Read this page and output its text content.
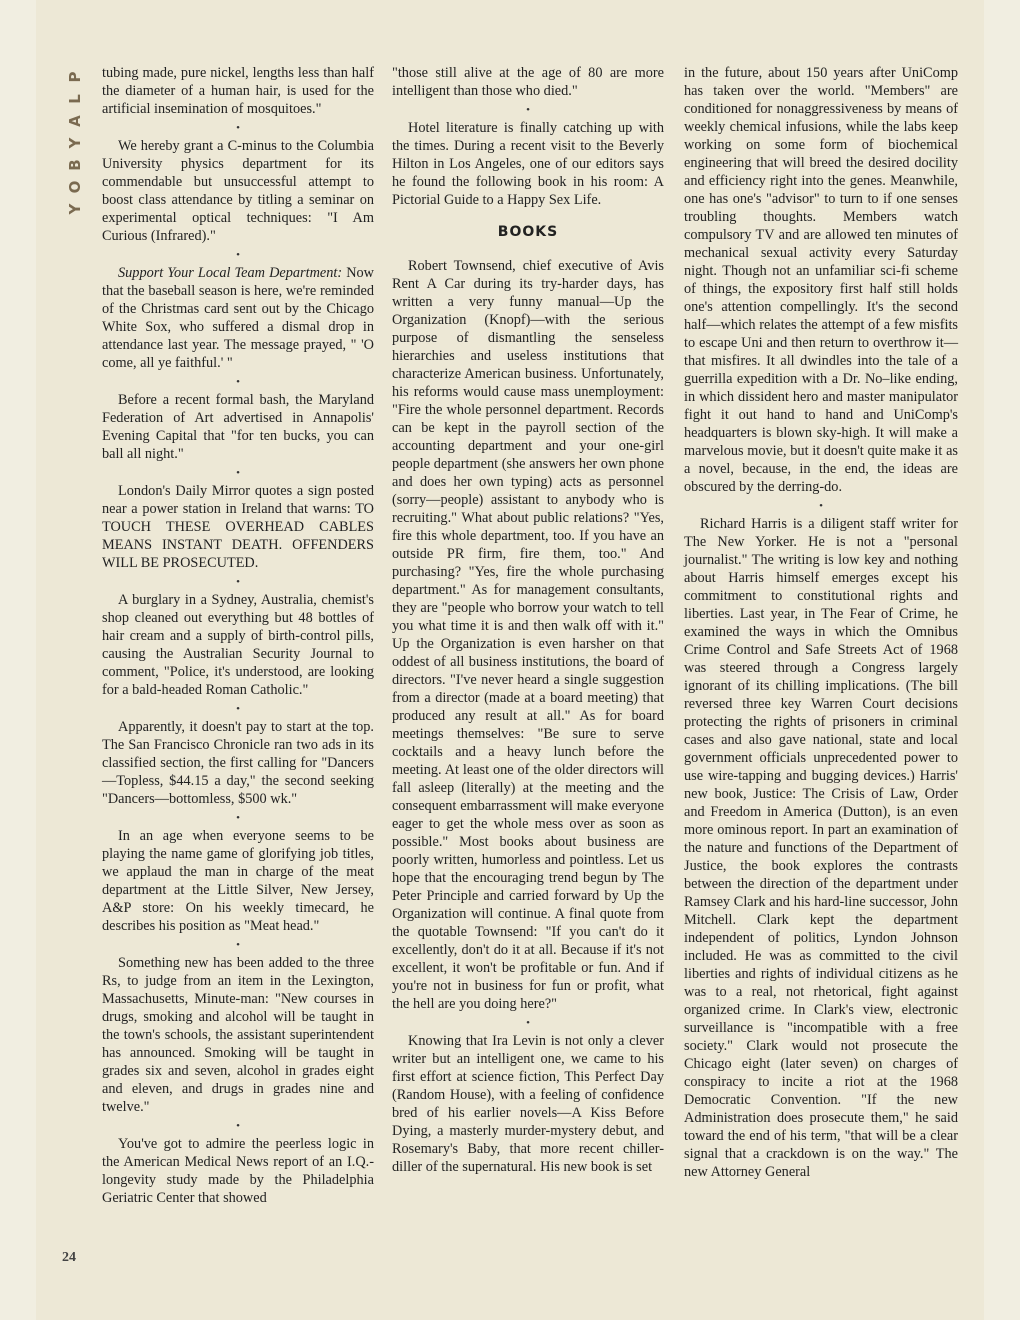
P
L
A
Y
B
O
Y
24

tubing made, pure nickel, lengths less than half the diameter of a human hair, is used for the artificial insemination of mosquitoes."

•

We hereby grant a C-minus to the Columbia University physics department for its commendable but unsuccessful attempt to boost class attendance by titling a seminar on experimental optical techniques: "I Am Curious (Infrared)."

•

Support Your Local Team Department: Now that the baseball season is here, we're reminded of the Christmas card sent out by the Chicago White Sox, who suffered a dismal drop in attendance last year. The message prayed, " 'O come, all ye faithful.' "

•

Before a recent formal bash, the Maryland Federation of Art advertised in Annapolis' Evening Capital that "for ten bucks, you can ball all night."

•

London's Daily Mirror quotes a sign posted near a power station in Ireland that warns: TO TOUCH THESE OVERHEAD CABLES MEANS INSTANT DEATH. OFFENDERS WILL BE PROSECUTED.

•

A burglary in a Sydney, Australia, chemist's shop cleaned out everything but 48 bottles of hair cream and a supply of birth-control pills, causing the Australian Security Journal to comment, "Police, it's understood, are looking for a bald-headed Roman Catholic."

•

Apparently, it doesn't pay to start at the top. The San Francisco Chronicle ran two ads in its classified section, the first calling for "Dancers—Topless, $44.15 a day," the second seeking "Dancers—bottomless, $500 wk."

•

In an age when everyone seems to be playing the name game of glorifying job titles, we applaud the man in charge of the meat department at the Little Silver, New Jersey, A&P store: On his weekly timecard, he describes his position as "Meat head."

•

Something new has been added to the three Rs, to judge from an item in the Lexington, Massachusetts, Minute-man: "New courses in drugs, smoking and alcohol will be taught in the town's schools, the assistant superintendent has announced. Smoking will be taught in grades six and seven, alcohol in grades eight and eleven, and drugs in grades nine and twelve."

•

You've got to admire the peerless logic in the American Medical News report of an I.Q.-longevity study made by the Philadelphia Geriatric Center that showed

"those still alive at the age of 80 are more intelligent than those who died."

•

Hotel literature is finally catching up with the times. During a recent visit to the Beverly Hilton in Los Angeles, one of our editors says he found the following book in his room: A Pictorial Guide to a Happy Sex Life.

BOOKS

Robert Townsend, chief executive of Avis Rent A Car during its try-harder days, has written a very funny manual—Up the Organization (Knopf)—with the serious purpose of dismantling the senseless hierarchies and useless institutions that characterize American business. Unfortunately, his reforms would cause mass unemployment: "Fire the whole personnel department. Records can be kept in the payroll section of the accounting department and your one-girl people department (she answers her own phone and does her own typing) acts as personnel (sorry—people) assistant to anybody who is recruiting." What about public relations? "Yes, fire this whole department, too. If you have an outside PR firm, fire them, too." And purchasing? "Yes, fire the whole purchasing department." As for management consultants, they are "people who borrow your watch to tell you what time it is and then walk off with it." Up the Organization is even harsher on that oddest of all business institutions, the board of directors. "I've never heard a single suggestion from a director (made at a board meeting) that produced any result at all." As for board meetings themselves: "Be sure to serve cocktails and a heavy lunch before the meeting. At least one of the older directors will fall asleep (literally) at the meeting and the consequent embarrassment will make everyone eager to get the whole mess over as soon as possible." Most books about business are poorly written, humorless and pointless. Let us hope that the encouraging trend begun by The Peter Principle and carried forward by Up the Organization will continue. A final quote from the quotable Townsend: "If you can't do it excellently, don't do it at all. Because if it's not excellent, it won't be profitable or fun. And if you're not in business for fun or profit, what the hell are you doing here?"

•

Knowing that Ira Levin is not only a clever writer but an intelligent one, we came to his first effort at science fiction, This Perfect Day (Random House), with a feeling of confidence bred of his earlier novels—A Kiss Before Dying, a masterly murder-mystery debut, and Rosemary's Baby, that more recent chiller-diller of the supernatural. His new book is set

in the future, about 150 years after UniComp has taken over the world. "Members" are conditioned for nonaggressiveness by means of weekly chemical infusions, while the labs keep working on some form of biochemical engineering that will breed the desired docility and efficiency right into the genes. Meanwhile, one has one's "advisor" to turn to if one senses troubling thoughts. Members watch compulsory TV and are allowed ten minutes of mechanical sexual activity every Saturday night. Though not an unfamiliar sci-fi scheme of things, the expository first half still holds one's attention compellingly. It's the second half—which relates the attempt of a few misfits to escape Uni and then return to overthrow it—that misfires. It all dwindles into the tale of a guerrilla expedition with a Dr. No–like ending, in which dissident hero and master manipulator fight it out hand to hand and UniComp's headquarters is blown sky-high. It will make a marvelous movie, but it doesn't quite make it as a novel, because, in the end, the ideas are obscured by the derring-do.

•

Richard Harris is a diligent staff writer for The New Yorker. He is not a "personal journalist." The writing is low key and nothing about Harris himself emerges except his commitment to constitutional rights and liberties. Last year, in The Fear of Crime, he examined the ways in which the Omnibus Crime Control and Safe Streets Act of 1968 was steered through a Congress largely ignorant of its chilling implications. (The bill reversed three key Warren Court decisions protecting the rights of prisoners in criminal cases and also gave national, state and local government officials unprecedented power to use wire-tapping and bugging devices.) Harris' new book, Justice: The Crisis of Law, Order and Freedom in America (Dutton), is an even more ominous report. In part an examination of the nature and functions of the Department of Justice, the book explores the contrasts between the direction of the department under Ramsey Clark and his hard-line successor, John Mitchell. Clark kept the department independent of politics, Lyndon Johnson included. He was as committed to the civil liberties and rights of individual citizens as he was to a real, not rhetorical, fight against organized crime. In Clark's view, electronic surveillance is "incompatible with a free society." Clark would not prosecute the Chicago eight (later seven) on charges of conspiracy to incite a riot at the 1968 Democratic Convention. "If the new Administration does prosecute them," he said toward the end of his term, "that will be a clear signal that a crackdown is on the way." The new Attorney General
